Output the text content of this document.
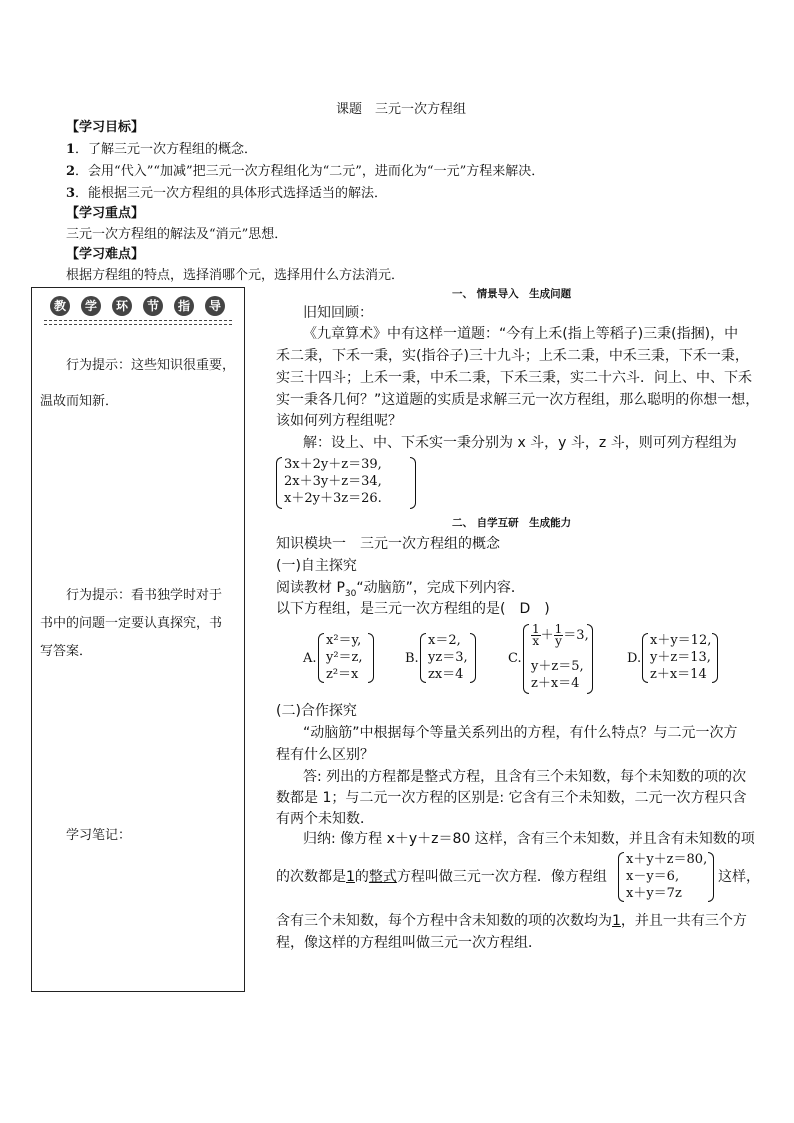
课题　三元一次方程组
【学习目标】
1．了解三元一次方程组的概念．
2．会用“代入”“加减”把三元一次方程组化为“二元”，进而化为“一元”方程来解决．
3．能根据三元一次方程组的具体形式选择适当的解法．
【学习重点】
三元一次方程组的解法及“消元”思想．
【学习难点】
根据方程组的特点，选择消哪个元，选择用什么方法消元．
教	学	环	节	指	导
行为提示：这些知识很重要，
温故而知新．
行为提示：看书独学时对于
书中的问题一定要认真探究，书
写答案．
学习笔记：
一、 情景导入　生成问题
旧知回顾：
《九章算术》中有这样一道题：“今有上禾(指上等稻子)三秉(指捆)，中
禾二秉，下禾一秉，实(指谷子)三十九斗；上禾二秉，中禾三秉，下禾一秉，
实三十四斗；上禾一秉，中禾二秉，下禾三秉，实二十六斗．问上、中、下禾
实一秉各几何？”这道题的实质是求解三元一次方程组，那么聪明的你想一想，
该如何列方程组呢？
解：设上、中、下禾实一秉分别为 x 斗，y 斗，z 斗，则可列方程组为
3x＋2y＋z＝39,
2x＋3y＋z＝34,
x＋2y＋3z＝26.
二、 自学互研　生成能力
知识模块一　三元一次方程组的概念
(一)自主探究
阅读教材 $P_{30}“$动脑筋”，完成下列内容．
以下方程组，是三元一次方程组的是(　D　)
A.
x²＝y,
y²＝z,
z²＝x
B.
x＝2,
yz＝3,
zx＝4
C.
$\frac{1}{x} + \frac{1}{y} =3$,
y＋z＝5,
z＋x＝4
D.
x＋y＝12,
y＋z＝13,
z＋x＝14
(二)合作探究
“动脑筋”中根据每个等量关系列出的方程，有什么特点？与二元一次方
程有什么区别？
答: 列出的方程都是整式方程，且含有三个未知数，每个未知数的项的次
数都是 1；与二元一次方程的区别是: 它含有三个未知数，二元一次方程只含
有两个未知数．
归纳: 像方程 x＋y＋z＝80 这样，含有三个未知数，并且含有未知数的项
的次数都是1的整式方程叫做三元一次方程．像方程组
x＋y＋z＝80,
x－y＝6,
x＋y＝7z
这样，
含有三个未知数，每个方程中含未知数的项的次数均为1，并且一共有三个方
程，像这样的方程组叫做三元一次方程组．
